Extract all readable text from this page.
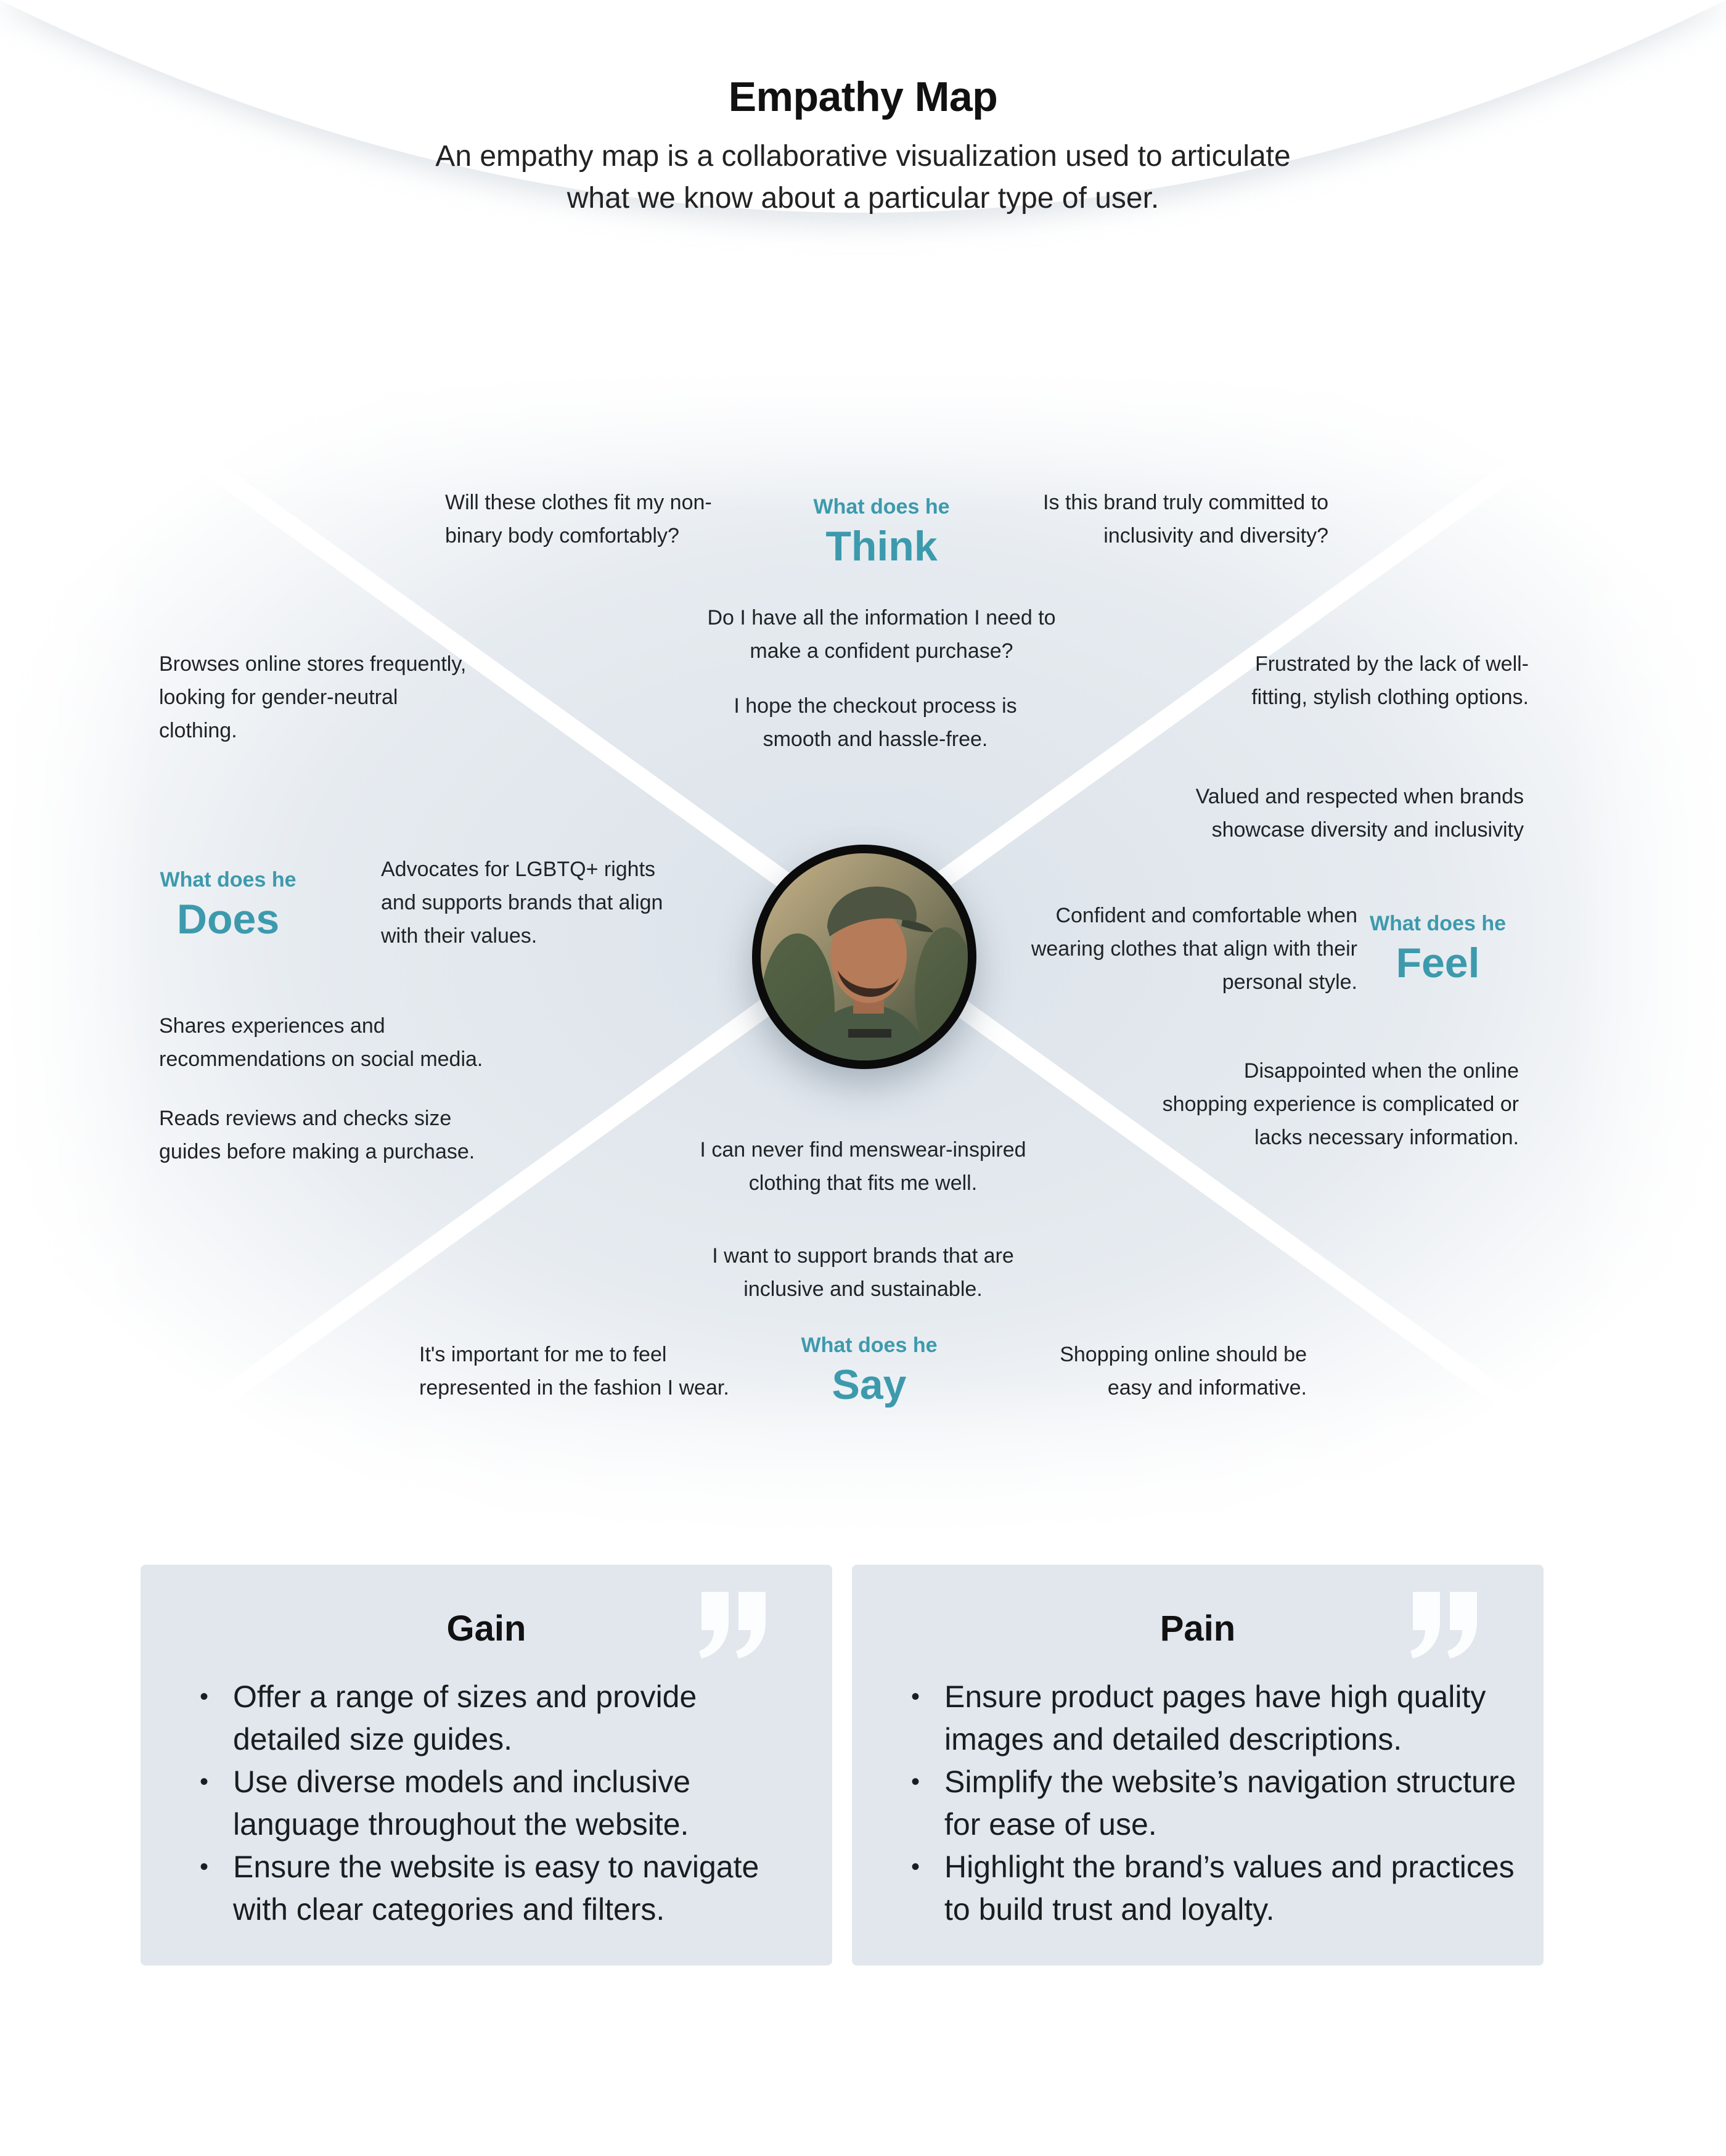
Empathy Map
An empathy map is a collaborative visualization used to articulate what we know about a particular type of user.
What does he
Think
Will these clothes fit my non-binary body comfortably?
Is this brand truly committed to inclusivity and diversity?
Do I have all the information I need to make a confident purchase?
I hope the checkout process is smooth and hassle-free.
What does he
Does
Browses online stores frequently, looking for gender-neutral clothing.
Advocates for LGBTQ+ rights and supports brands that align with their values.
Shares experiences and recommendations on social media.
Reads reviews and checks size guides before making a purchase.
What does he
Feel
Frustrated by the lack of well-fitting, stylish clothing options.
Valued and respected when brands showcase diversity and inclusivity
Confident and comfortable when wearing clothes that align with their personal style.
Disappointed when the online shopping experience is complicated or lacks necessary information.
What does he
Say
I can never find menswear-inspired clothing that fits me well.
I want to support brands that are inclusive and sustainable.
It's important for me to feel represented in the fashion I wear.
Shopping online should be easy and informative.
Gain
• Offer a range of sizes and provide detailed size guides.
• Use diverse models and inclusive language throughout the website.
• Ensure the website is easy to navigate with clear categories and filters.
Pain
• Ensure product pages have high quality images and detailed descriptions.
• Simplify the website’s navigation structure for ease of use.
• Highlight the brand’s values and practices to build trust and loyalty.
